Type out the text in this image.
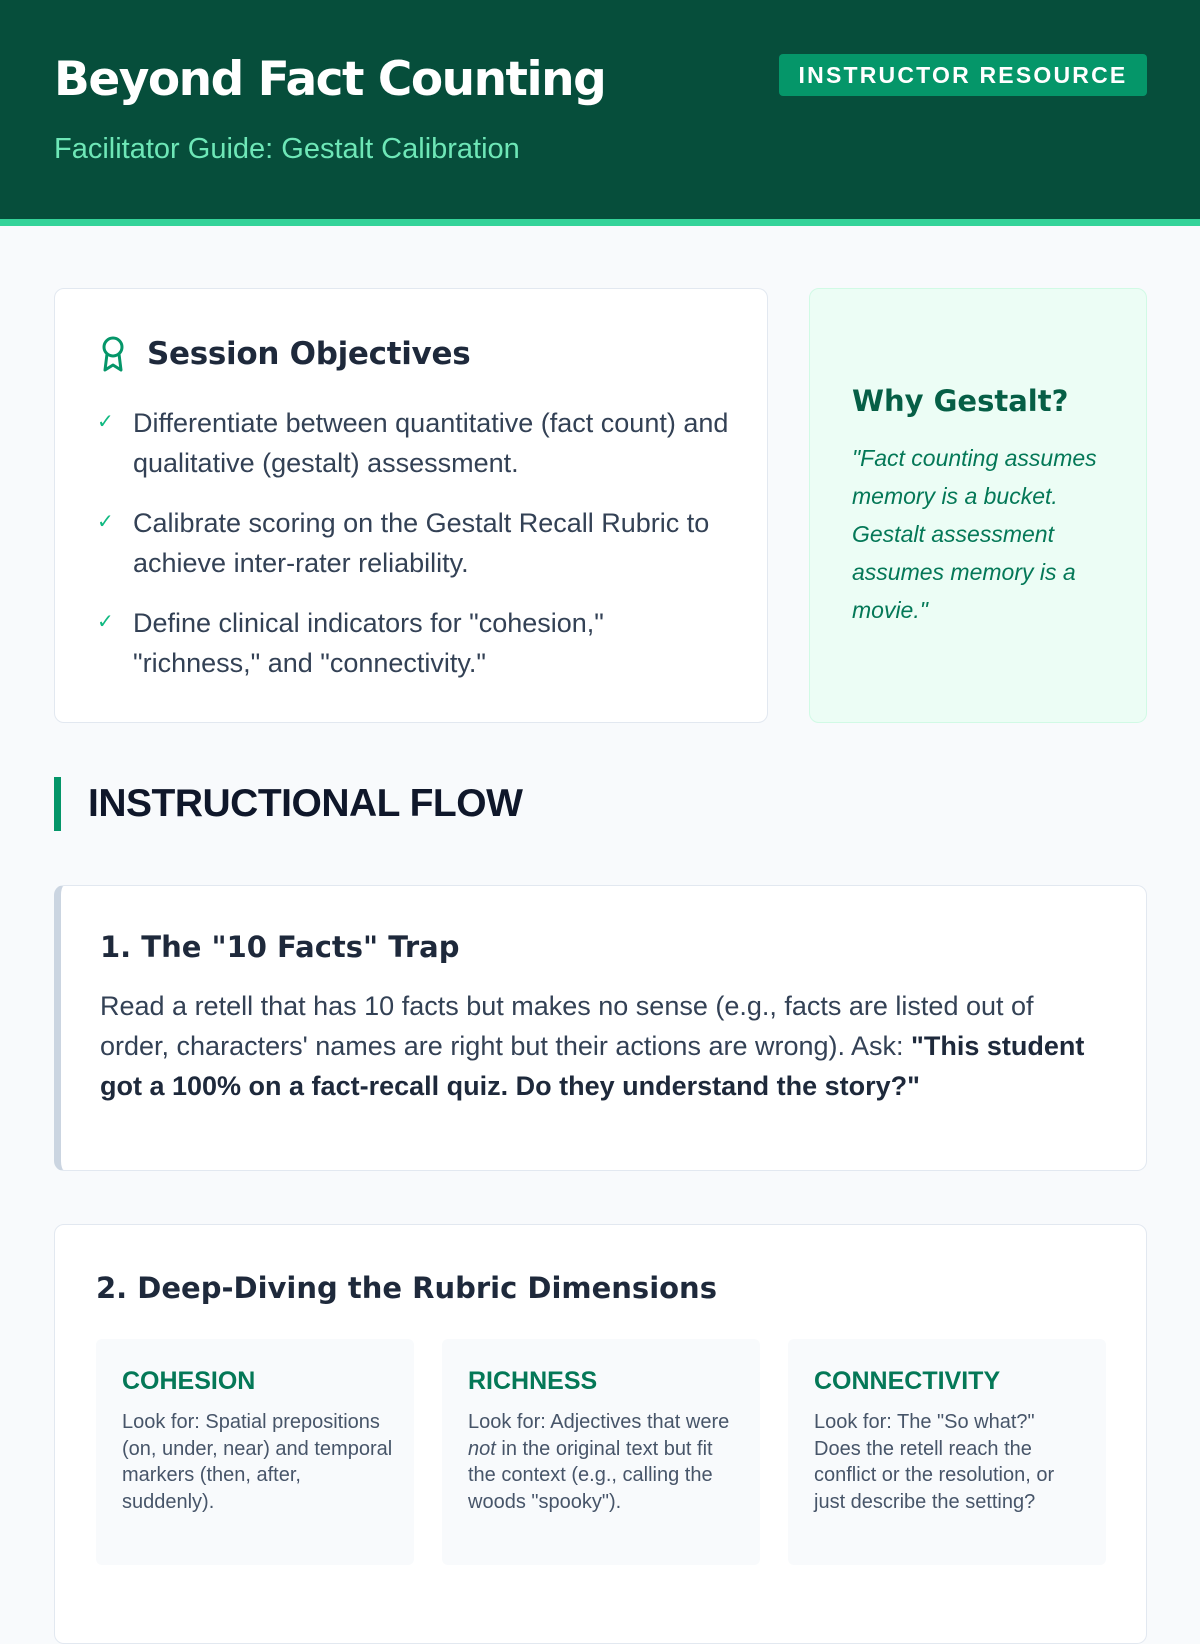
Beyond Fact Counting
Facilitator Guide: Gestalt Calibration
INSTRUCTOR RESOURCE
Session Objectives
✓ Differentiate between quantitative (fact count) and qualitative (gestalt) assessment.
✓ Calibrate scoring on the Gestalt Recall Rubric to achieve inter-rater reliability.
✓ Define clinical indicators for "cohesion," "richness," and "connectivity."
Why Gestalt?

"Fact counting assumes memory is a bucket. Gestalt assessment assumes memory is a movie."

INSTRUCTIONAL FLOW
1. The "10 Facts" Trap

Read a retell that has 10 facts but makes no sense (e.g., facts are listed out of order, characters' names are right but their actions are wrong). Ask: "This student got a 100% on a fact-recall quiz. Do they understand the story?"

2. Deep-Diving the Rubric Dimensions
COHESION

Look for: Spatial prepositions (on, under, near) and temporal markers (then, after, suddenly).

RICHNESS

Look for: Adjectives that were not in the original text but fit the context (e.g., calling the woods "spooky").

CONNECTIVITY

Look for: The "So what?" Does the retell reach the conflict or the resolution, or just describe the setting?
